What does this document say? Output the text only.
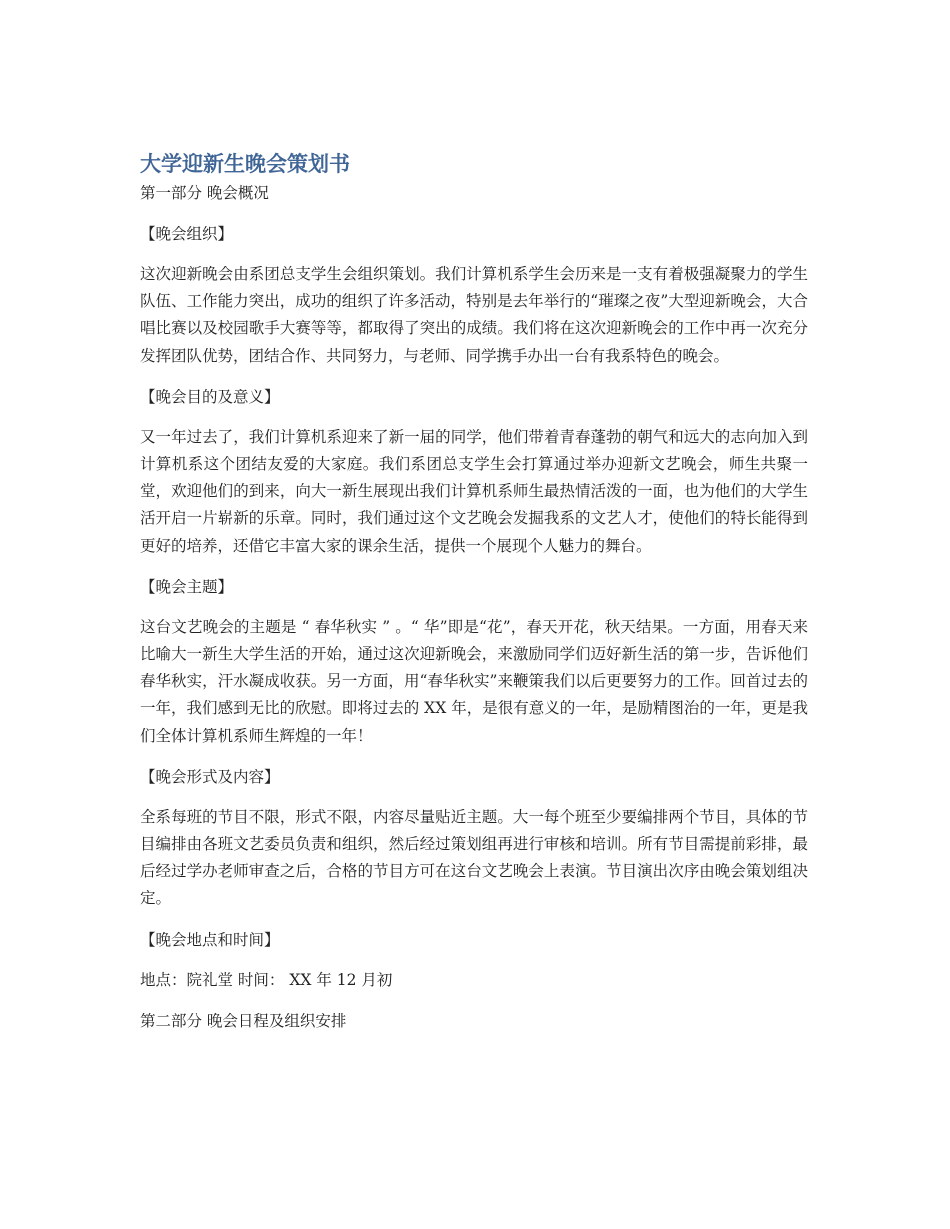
大学迎新生晚会策划书

第一部分 晚会概况

【晚会组织】

这次迎新晚会由系团总支学生会组织策划。我们计算机系学生会历来是一支有着极强凝聚力的学生队伍、工作能力突出，成功的组织了许多活动，特别是去年举行的“璀璨之夜”大型迎新晚会，大合唱比赛以及校园歌手大赛等等，都取得了突出的成绩。我们将在这次迎新晚会的工作中再一次充分发挥团队优势，团结合作、共同努力，与老师、同学携手办出一台有我系特色的晚会。

【晚会目的及意义】

又一年过去了，我们计算机系迎来了新一届的同学，他们带着青春蓬勃的朝气和远大的志向加入到计算机系这个团结友爱的大家庭。我们系团总支学生会打算通过举办迎新文艺晚会，师生共聚一堂，欢迎他们的到来，向大一新生展现出我们计算机系师生最热情活泼的一面，也为他们的大学生活开启一片崭新的乐章。同时，我们通过这个文艺晚会发掘我系的文艺人才，使他们的特长能得到更好的培养，还借它丰富大家的课余生活，提供一个展现个人魅力的舞台。

【晚会主题】

这台文艺晚会的主题是 “ 春华秋实 ” 。“ 华”即是“花”，春天开花，秋天结果。一方面，用春天来比喻大一新生大学生活的开始，通过这次迎新晚会，来激励同学们迈好新生活的第一步，告诉他们春华秋实，汗水凝成收获。另一方面，用“春华秋实”来鞭策我们以后更要努力的工作。回首过去的一年，我们感到无比的欣慰。即将过去的 XX 年，是很有意义的一年，是励精图治的一年，更是我们全体计算机系师生辉煌的一年！

【晚会形式及内容】

全系每班的节目不限，形式不限，内容尽量贴近主题。大一每个班至少要编排两个节目，具体的节目编排由各班文艺委员负责和组织，然后经过策划组再进行审核和培训。所有节目需提前彩排，最后经过学办老师审查之后，合格的节目方可在这台文艺晚会上表演。节目演出次序由晚会策划组决定。

【晚会地点和时间】

地点：院礼堂 时间： XX 年 12 月初

第二部分 晚会日程及组织安排
